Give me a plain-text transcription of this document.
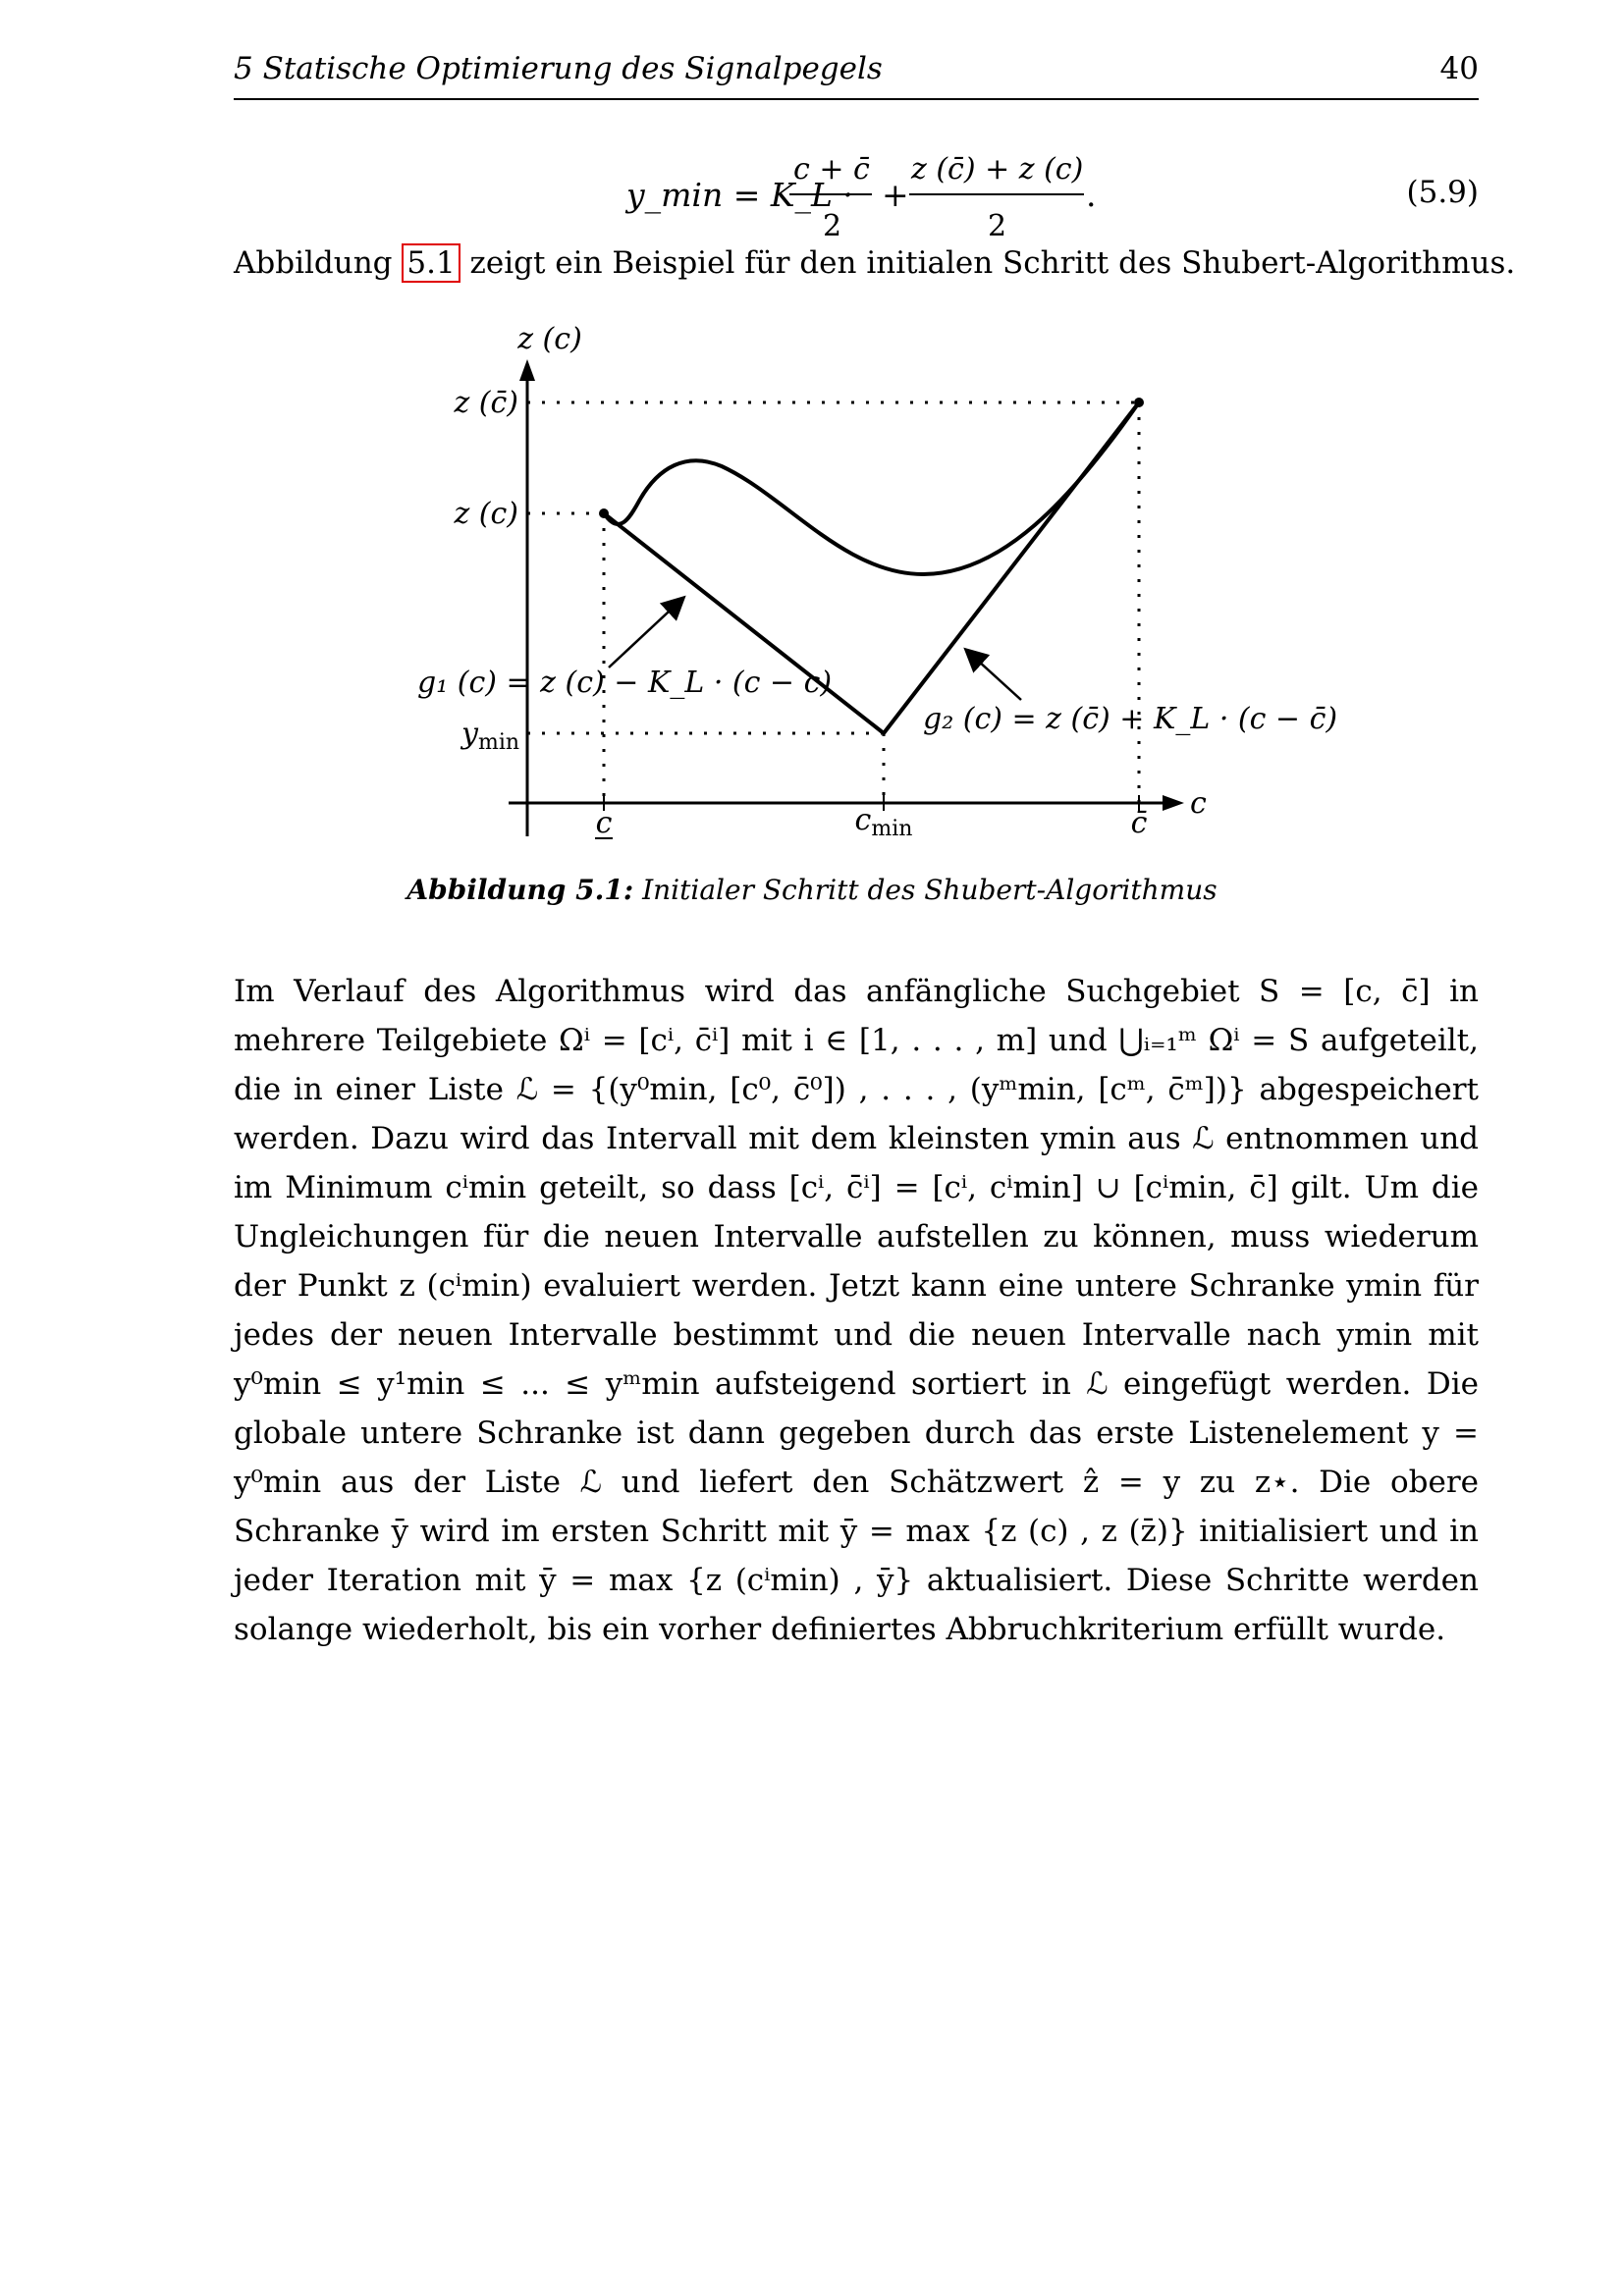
5 Statische Optimierung des Signalpegels	40
y_min = K_L ·
c + c̄
2
+
z (c̄) + z (c)
2
.	(5.9)
Abbildung 5.1 zeigt ein Beispiel für den initialen Schritt des Shubert-Algorithmus.
z (c)
c
z (c̄)
z (c)
$y_{min}$
c	$c_{min}$	c̄
g₁ (c) = z (c) − K_L · (c − c)
g₂ (c) = z (c̄) + K_L · (c − c̄)
Abbildung 5.1: Initialer Schritt des Shubert-Algorithmus

Im Verlauf des Algorithmus wird das anfängliche Suchgebiet S = [c, c̄] in mehrere Teilgebiete Ωⁱ = [cⁱ, c̄ⁱ] mit i ∈ [1, . . . , m] und ⋃ᵢ₌₁ᵐ Ωⁱ = S aufgeteilt, die in einer Liste ℒ = {(y⁰min, [c⁰, c̄⁰]) , . . . , (yᵐmin, [cᵐ, c̄ᵐ])} abgespeichert werden. Dazu wird das Intervall mit dem kleinsten ymin aus ℒ entnommen und im Minimum cⁱmin geteilt, so dass [cⁱ, c̄ⁱ] = [cⁱ, cⁱmin] ∪ [cⁱmin, c̄] gilt. Um die Ungleichungen für die neuen Intervalle aufstellen zu können, muss wiederum der Punkt z (cⁱmin) evaluiert werden. Jetzt kann eine untere Schranke ymin für jedes der neuen Intervalle bestimmt und die neuen Intervalle nach ymin mit y⁰min ≤ y¹min ≤ ... ≤ yᵐmin aufsteigend sortiert in ℒ eingefügt werden. Die globale untere Schranke ist dann gegeben durch das erste Listenelement y = y⁰min aus der Liste ℒ und liefert den Schätzwert ẑ = y zu z⋆. Die obere Schranke ȳ wird im ersten Schritt mit ȳ = max {z (c) , z (z̄)} initialisiert und in jeder Iteration mit ȳ = max {z (cⁱmin) , ȳ} aktualisiert. Diese Schritte werden solange wiederholt, bis ein vorher definiertes Abbruchkriterium erfüllt wurde.
